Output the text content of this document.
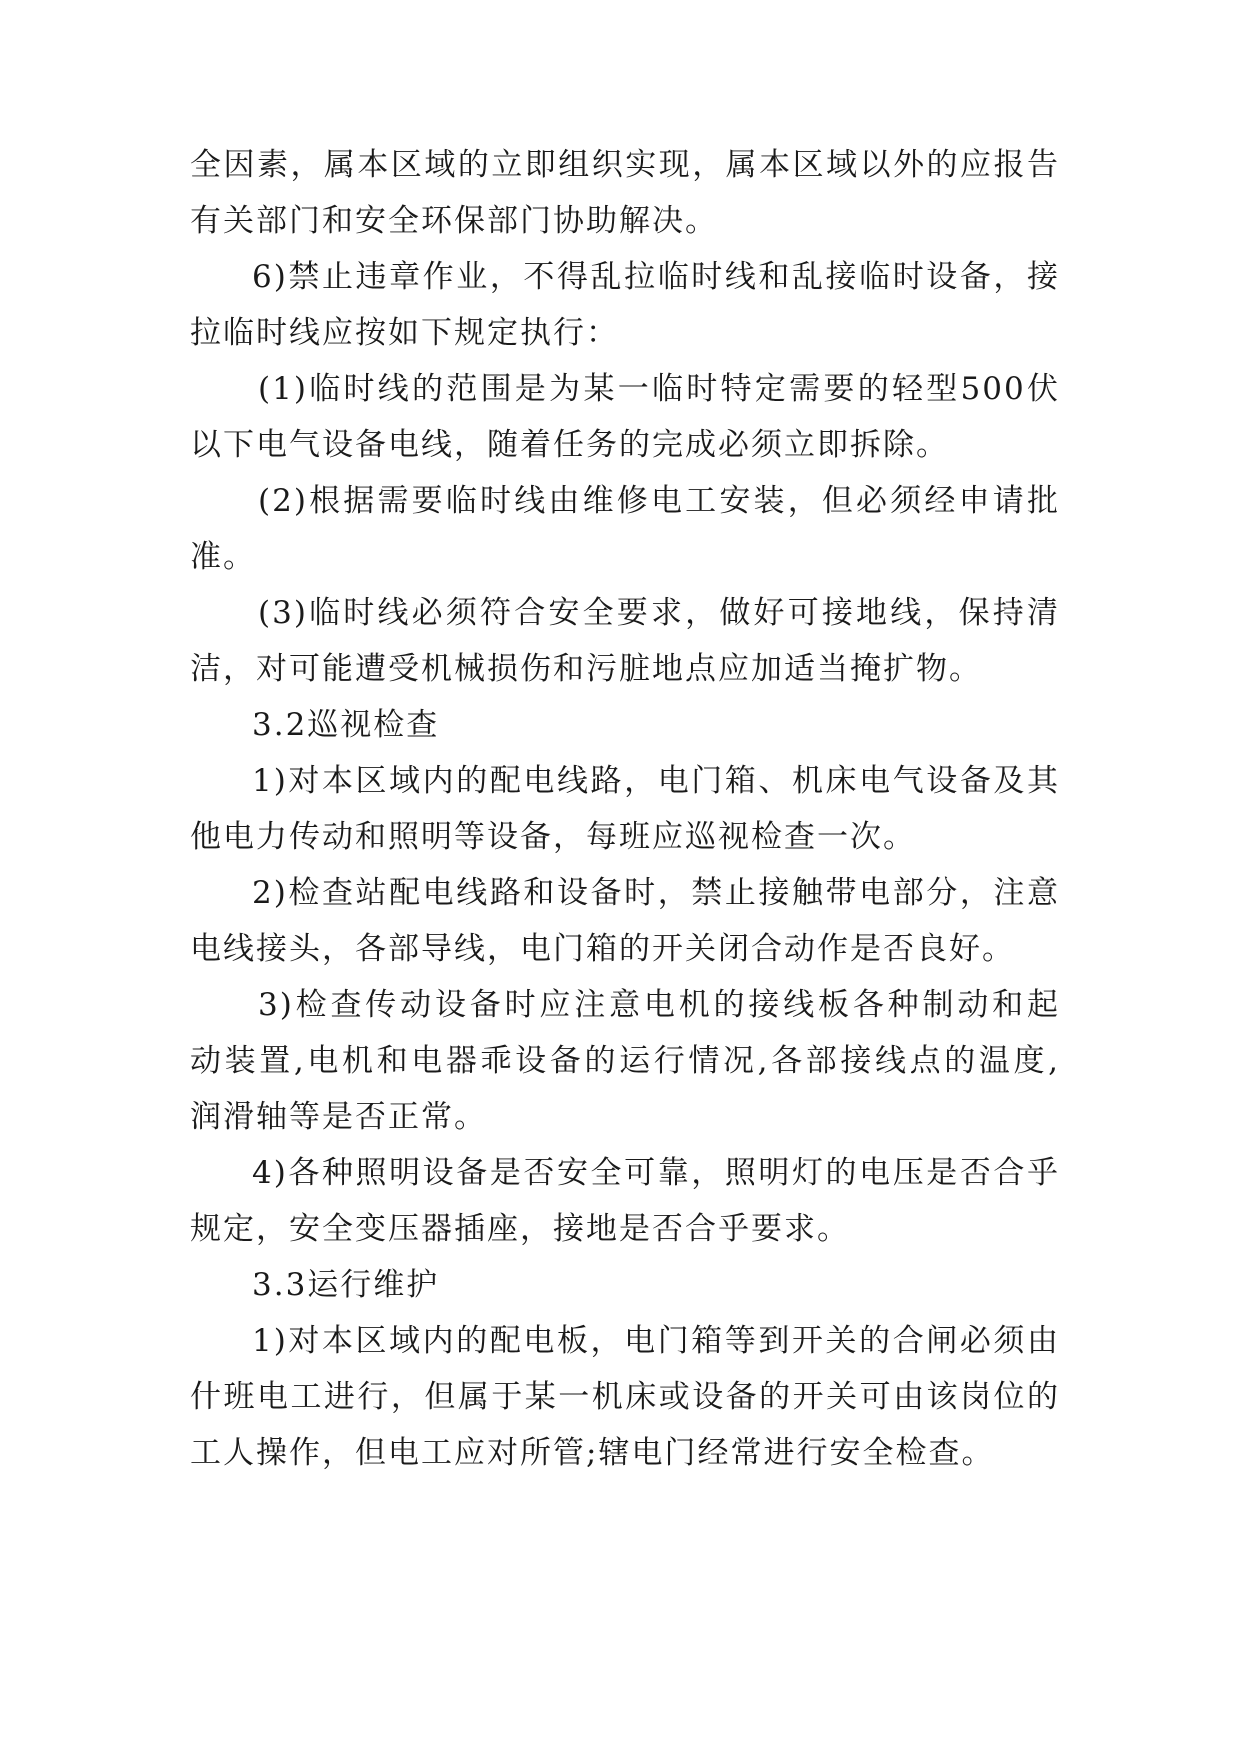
全因素，属本区域的立即组织实现，属本区域以外的应报告
有关部门和安全环保部门协助解决。
6)禁止违章作业，不得乱拉临时线和乱接临时设备，接
拉临时线应按如下规定执行：
(1)临时线的范围是为某一临时特定需要的轻型500伏
以下电气设备电线，随着任务的完成必须立即拆除。
(2)根据需要临时线由维修电工安装，但必须经申请批
准。
(3)临时线必须符合安全要求，做好可接地线，保持清
洁，对可能遭受机械损伤和污脏地点应加适当掩扩物。
3.2巡视检查
1)对本区域内的配电线路，电门箱、机床电气设备及其
他电力传动和照明等设备，每班应巡视检查一次。
2)检查站配电线路和设备时，禁止接触带电部分，注意
电线接头，各部导线，电门箱的开关闭合动作是否良好。
3)检查传动设备时应注意电机的接线板各种制动和起
动装置,电机和电器乖设备的运行情况,各部接线点的温度,
润滑轴等是否正常。
4)各种照明设备是否安全可靠，照明灯的电压是否合乎
规定，安全变压器插座，接地是否合乎要求。
3.3运行维护
1)对本区域内的配电板，电门箱等到开关的合闸必须由
什班电工进行，但属于某一机床或设备的开关可由该岗位的
工人操作，但电工应对所管;辖电门经常进行安全检查。
